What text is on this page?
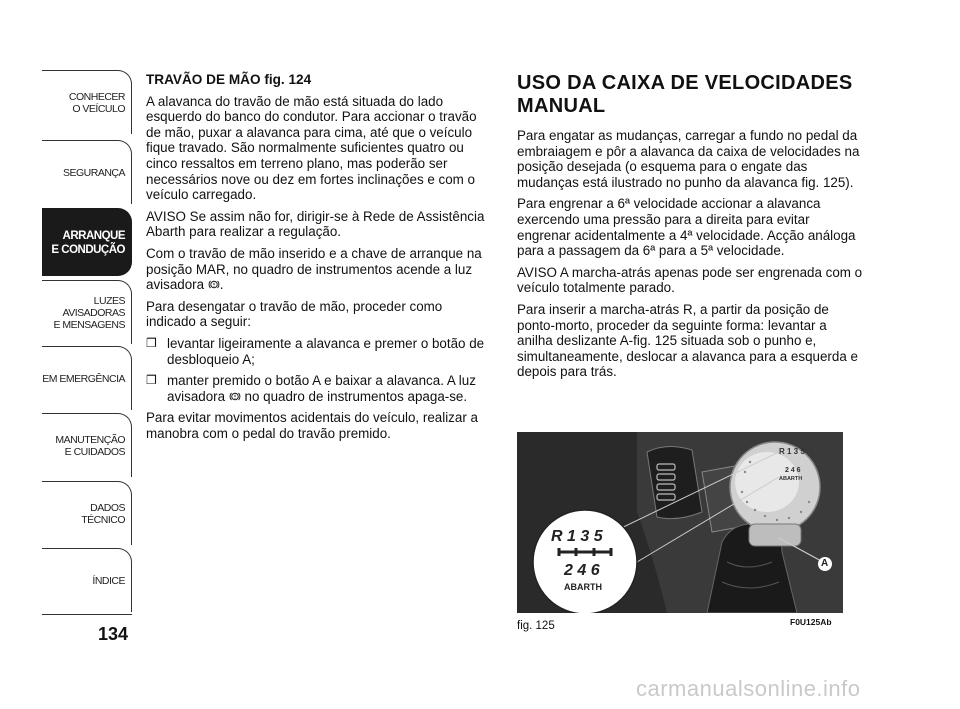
CONHECER
O VEÍCULO
SEGURANÇA
ARRANQUE
E CONDUÇÃO
LUZES
AVISADORAS
E MENSAGENS
EM EMERGÊNCIA
MANUTENÇÃO
E CUIDADOS
DADOS
TÉCNICO
ÍNDICE
134
TRAVÃO DE MÃO fig. 124

A alavanca do travão de mão está situada do lado esquerdo do banco do condutor. Para accionar o travão de mão, puxar a alavanca para cima, até que o veículo fique travado. São normalmente suficientes quatro ou cinco ressaltos em terreno plano, mas poderão ser necessários nove ou dez em fortes inclinações e com o veículo carregado.

AVISO Se assim não for, dirigir-se à Rede de Assistência Abarth para realizar a regulação.

Com o travão de mão inserido e a chave de arranque na posição MAR, no quadro de instrumentos acende a luz avisadora .

Para desengatar o travão de mão, proceder como indicado a seguir:

❒ levantar ligeiramente a alavanca e premer o botão de desbloqueio A;
❒ manter premido o botão A e baixar a alavanca. A luz avisadora  no quadro de instrumentos apaga-se.

Para evitar movimentos acidentais do veículo, realizar a manobra com o pedal do travão premido.

USO DA CAIXA DE VELOCIDADES
MANUAL

Para engatar as mudanças, carregar a fundo no pedal da embraiagem e pôr a alavanca da caixa de velocidades na posição desejada (o esquema para o engate das mudanças está ilustrado no punho da alavanca fig. 125).

Para engrenar a 6ª velocidade accionar a alavanca exercendo uma pressão para a direita para evitar engrenar acidentalmente a 4ª velocidade. Acção análoga para a passagem da 6ª para a 5ª velocidade.

AVISO A marcha-atrás apenas pode ser engrenada com o veículo totalmente parado.

Para inserir a marcha-atrás R, a partir da posição de ponto-morto, proceder da seguinte forma: levantar a anilha deslizante A-fig. 125 situada sob o punho e, simultaneamente, deslocar a alavanca para a esquerda e depois para trás.

R 1 3 5
2 4 6
ABARTH
R 1 3 5
2 4 6
ABARTH
A
fig. 125	F0U125Ab
carmanualsonline.info
